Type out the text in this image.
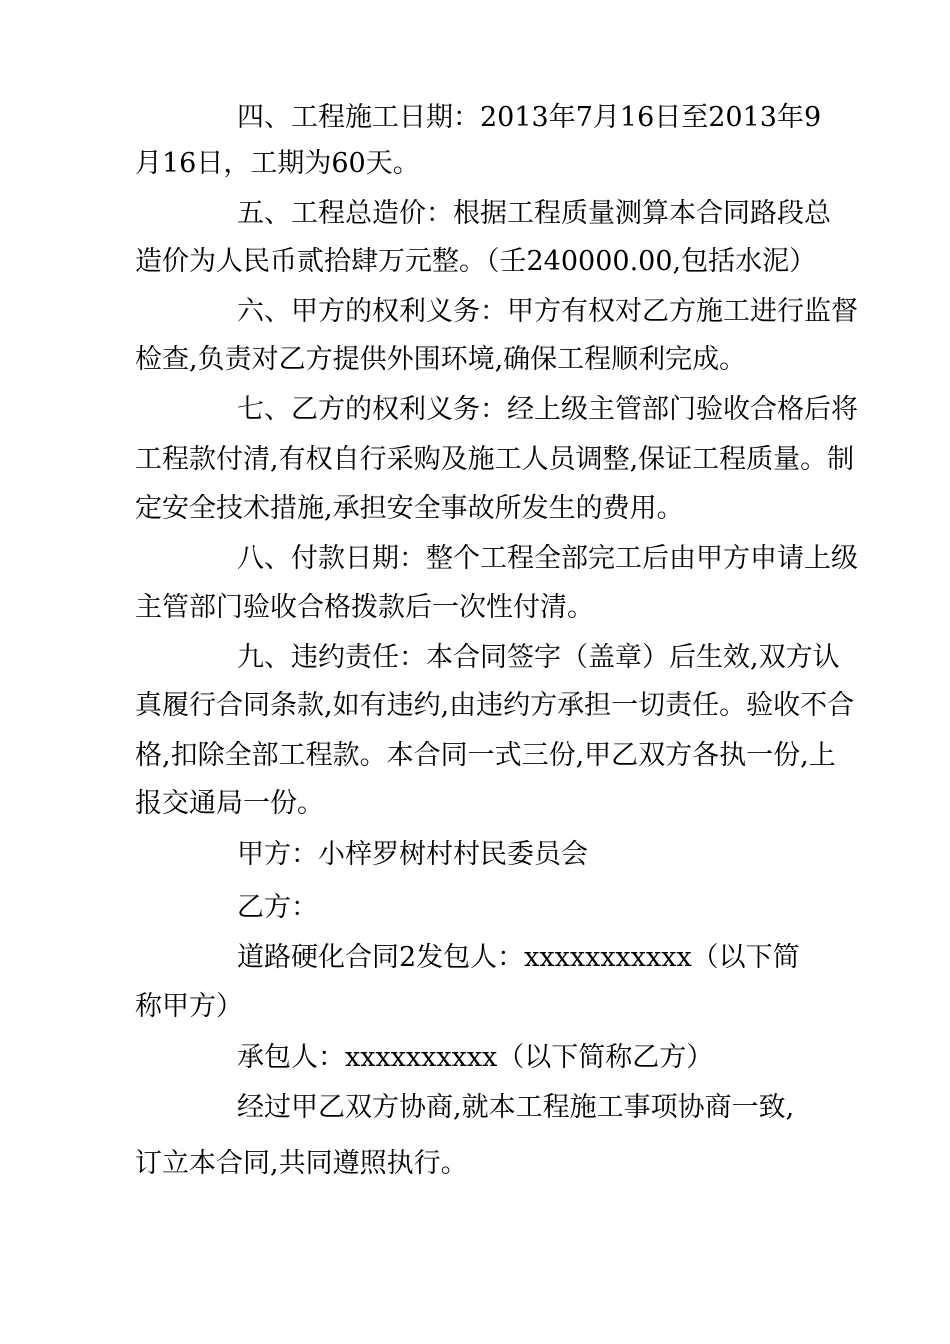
四、工程施工日期：2013年7月16日至2013年9
月16日，工期为60天。
五、工程总造价：根据工程质量测算本合同路段总
造价为人民币贰拾肆万元整。（壬240000.00,包括水泥）
六、甲方的权利义务：甲方有权对乙方施工进行监督
检查,负责对乙方提供外围环境,确保工程顺利完成。
七、乙方的权利义务：经上级主管部门验收合格后将
工程款付清,有权自行采购及施工人员调整,保证工程质量。制
定安全技术措施,承担安全事故所发生的费用。
八、付款日期：整个工程全部完工后由甲方申请上级
主管部门验收合格拨款后一次性付清。
九、违约责任：本合同签字（盖章）后生效,双方认
真履行合同条款,如有违约,由违约方承担一切责任。验收不合
格,扣除全部工程款。本合同一式三份,甲乙双方各执一份,上
报交通局一份。
甲方：小梓罗树村村民委员会
乙方：
道路硬化合同2发包人：xxxxxxxxxxx（以下简
称甲方）
承包人：xxxxxxxxxx（以下简称乙方）
经过甲乙双方协商,就本工程施工事项协商一致,
订立本合同,共同遵照执行。
